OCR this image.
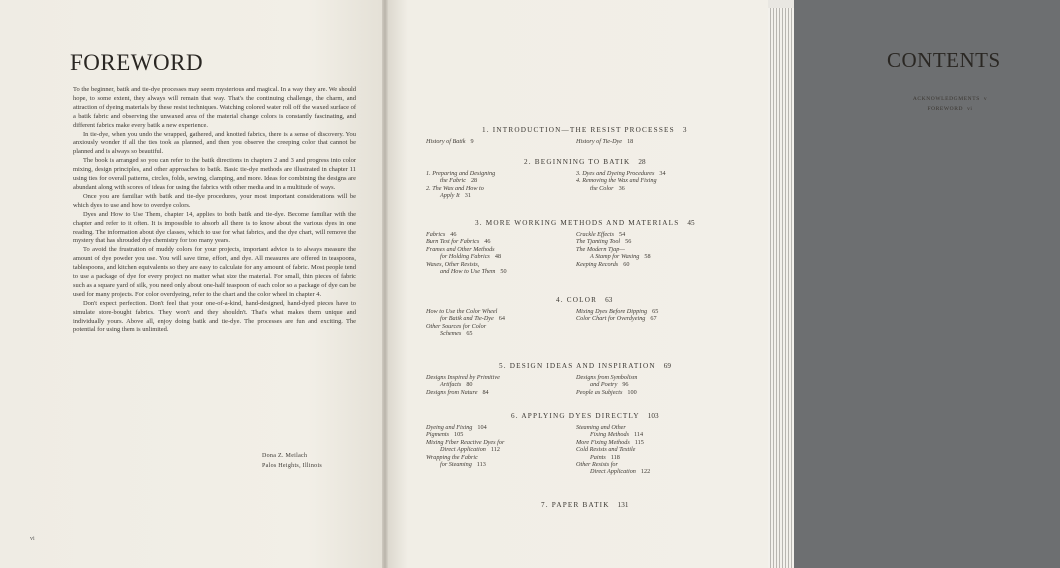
FOREWORD

To the beginner, batik and tie-dye processes may seem mysterious and magical. In a way they are. We should hope, to some extent, they always will remain that way. That's the continuing challenge, the charm, and attraction of dyeing materials by these resist techniques. Watching colored water roll off the waxed surface of a batik fabric and observing the unwaxed area of the material change colors is constantly fascinating, and different fabrics make every batik a new experience.

In tie-dye, when you undo the wrapped, gathered, and knotted fabrics, there is a sense of discovery. You anxiously wonder if all the ties took as planned, and then you observe the creeping color that cannot be planned and is always so beautiful.

The book is arranged so you can refer to the batik directions in chapters 2 and 3 and progress into color mixing, design principles, and other approaches to batik. Basic tie-dye methods are illustrated in chapter 11 using ties for overall patterns, circles, folds, sewing, clamping, and more. Ideas for combining the designs are abundant along with scores of ideas for using the fabrics with other media and in a multitude of ways.

Once you are familiar with batik and tie-dye procedures, your most important considerations will be which dyes to use and how to overdye colors.

Dyes and How to Use Them, chapter 14, applies to both batik and tie-dye. Become familiar with the chapter and refer to it often. It is impossible to absorb all there is to know about the various dyes in one reading. The information about dye classes, which to use for what fabrics, and the dye chart, will remove the mystery that has shrouded dye chemistry for too many years.

To avoid the frustration of muddy colors for your projects, important advice is to always measure the amount of dye powder you use. You will save time, effort, and dye. All measures are offered in teaspoons, tablespoons, and kitchen equivalents so they are easy to calculate for any amount of fabric. Most people tend to use a package of dye for every project no matter what size the material. For small, thin pieces of fabric such as a square yard of silk, you need only about one-half teaspoon of each color so a package of dye can be used for many projects. For color overdyeing, refer to the chart and the color wheel in chapter 4.

Don't expect perfection. Don't feel that your one-of-a-kind, hand-designed, hand-dyed pieces have to simulate store-bought fabrics. They won't and they shouldn't. That's what makes them unique and individually yours. Above all, enjoy doing batik and tie-dye. The processes are fun and exciting. The potential for using them is unlimited.

Dona Z. Meilach
Palos Heights, Illinois
vi
CONTENTS
ACKNOWLEDGMENTS v
FOREWORD vi
1. INTRODUCTION—THE RESIST PROCESSES 3
History of Batik 9	History of Tie-Dye 18
2. BEGINNING TO BATIK 28
1. Preparing and Designing
the Fabric 28
2. The Wax and How to
Apply It 31
3. Dyes and Dyeing Procedures 34
4. Removing the Wax and Fixing
the Color 36
3. MORE WORKING METHODS AND MATERIALS 45
Fabrics 46
Burn Test for Fabrics 46
Frames and Other Methods
for Holding Fabrics 48
Waxes, Other Resists,
and How to Use Them 50
Crackle Effects 54
The Tjanting Tool 56
The Modern Tjap—
A Stamp for Waxing 58
Keeping Records 60
4. COLOR 63
How to Use the Color Wheel
for Batik and Tie-Dye 64
Other Sources for Color
Schemes 65
Mixing Dyes Before Dipping 65
Color Chart for Overdyeing 67
5. DESIGN IDEAS AND INSPIRATION 69
Designs Inspired by Primitive
Artifacts 80
Designs from Nature 84
Designs from Symbolism
and Poetry 96
People as Subjects 100
6. APPLYING DYES DIRECTLY 103
Dyeing and Fixing 104
Pigments 105
Mixing Fiber Reactive Dyes for
Direct Application 112
Wrapping the Fabric
for Steaming 113
Steaming and Other
Fixing Methods 114
More Fixing Methods 115
Cold Resists and Textile
Paints 118
Other Resists for
Direct Application 122
7. PAPER BATIK 131
